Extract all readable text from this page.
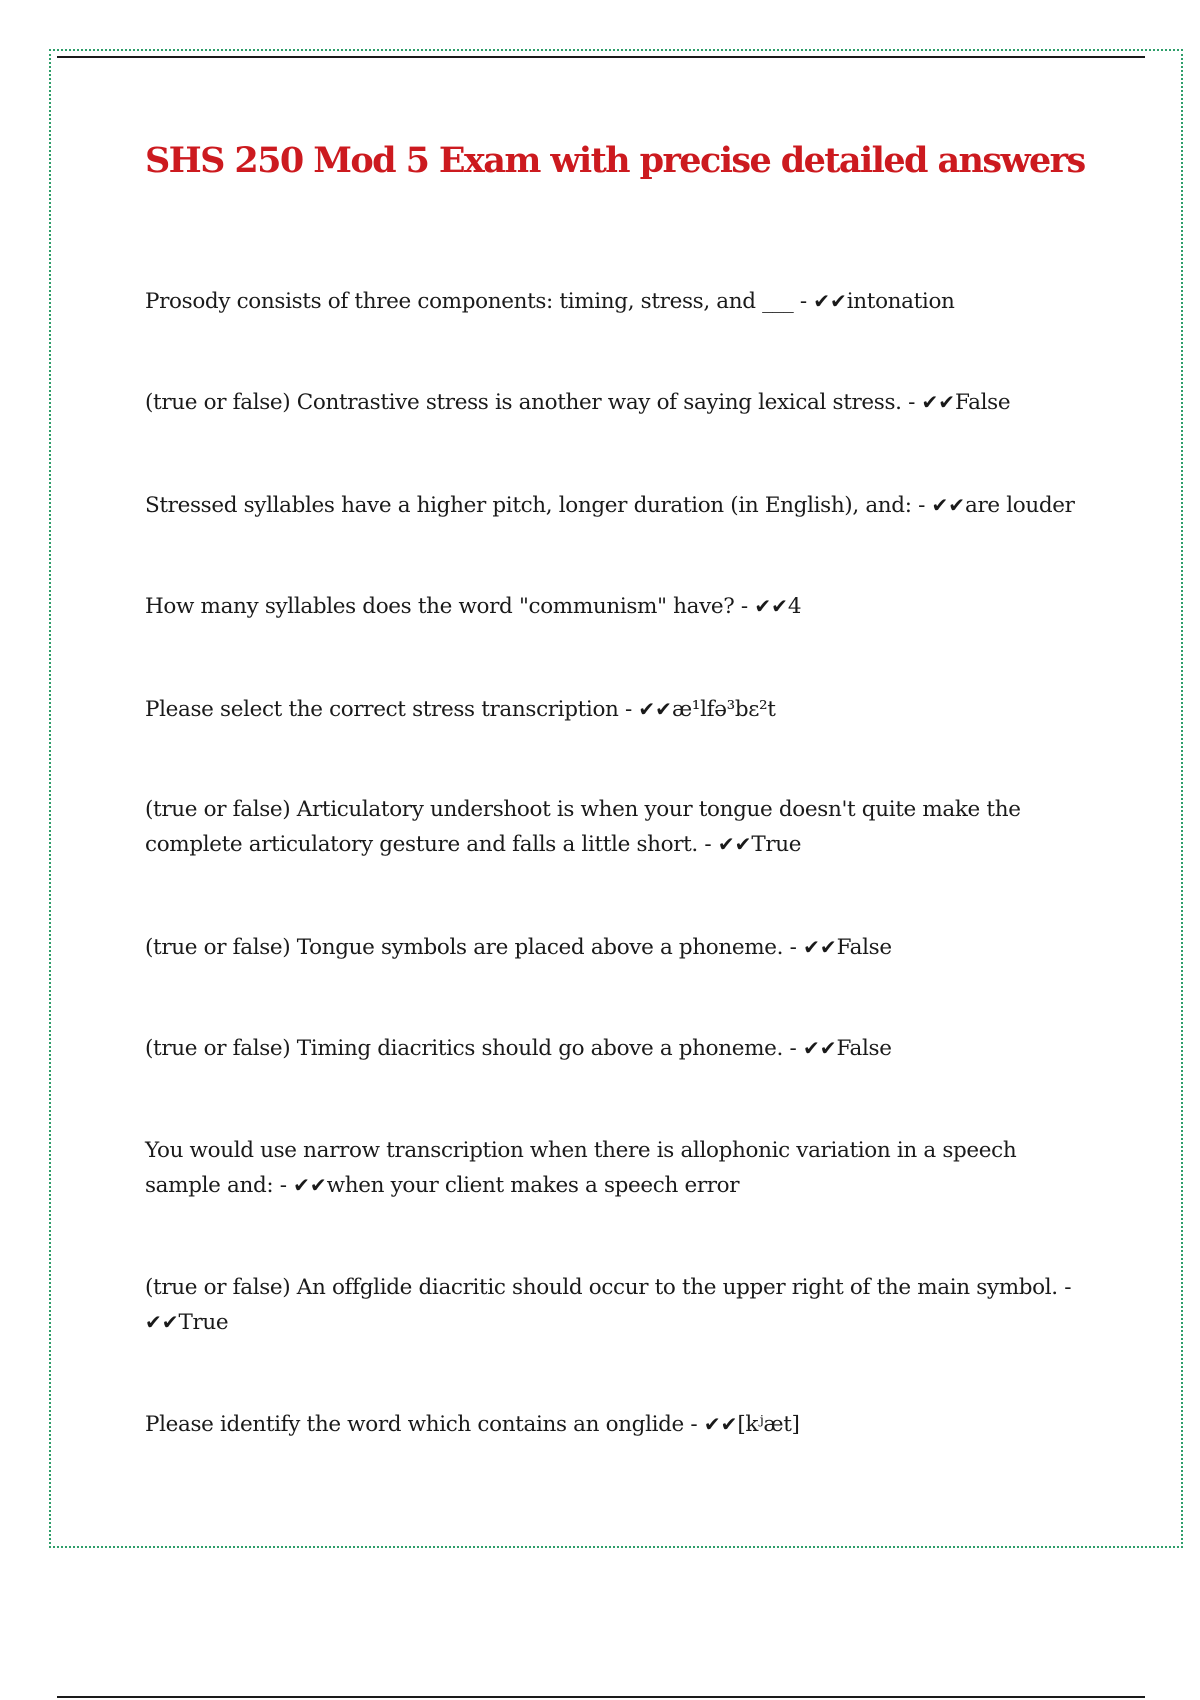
SHS 250 Mod 5 Exam with precise detailed answers

Prosody consists of three components: timing, stress, and ___ - ✔✔intonation

(true or false) Contrastive stress is another way of saying lexical stress. - ✔✔False

Stressed syllables have a higher pitch, longer duration (in English), and: - ✔✔are louder

How many syllables does the word "communism" have? - ✔✔4

Please select the correct stress transcription - ✔✔æ¹lfə³bɛ²t

(true or false) Articulatory undershoot is when your tongue doesn't quite make the complete articulatory gesture and falls a little short. - ✔✔True

(true or false) Tongue symbols are placed above a phoneme. - ✔✔False

(true or false) Timing diacritics should go above a phoneme. - ✔✔False

You would use narrow transcription when there is allophonic variation in a speech sample and: - ✔✔when your client makes a speech error

(true or false) An offglide diacritic should occur to the upper right of the main symbol. - ✔✔True

Please identify the word which contains an onglide - ✔✔[kʲæt]
